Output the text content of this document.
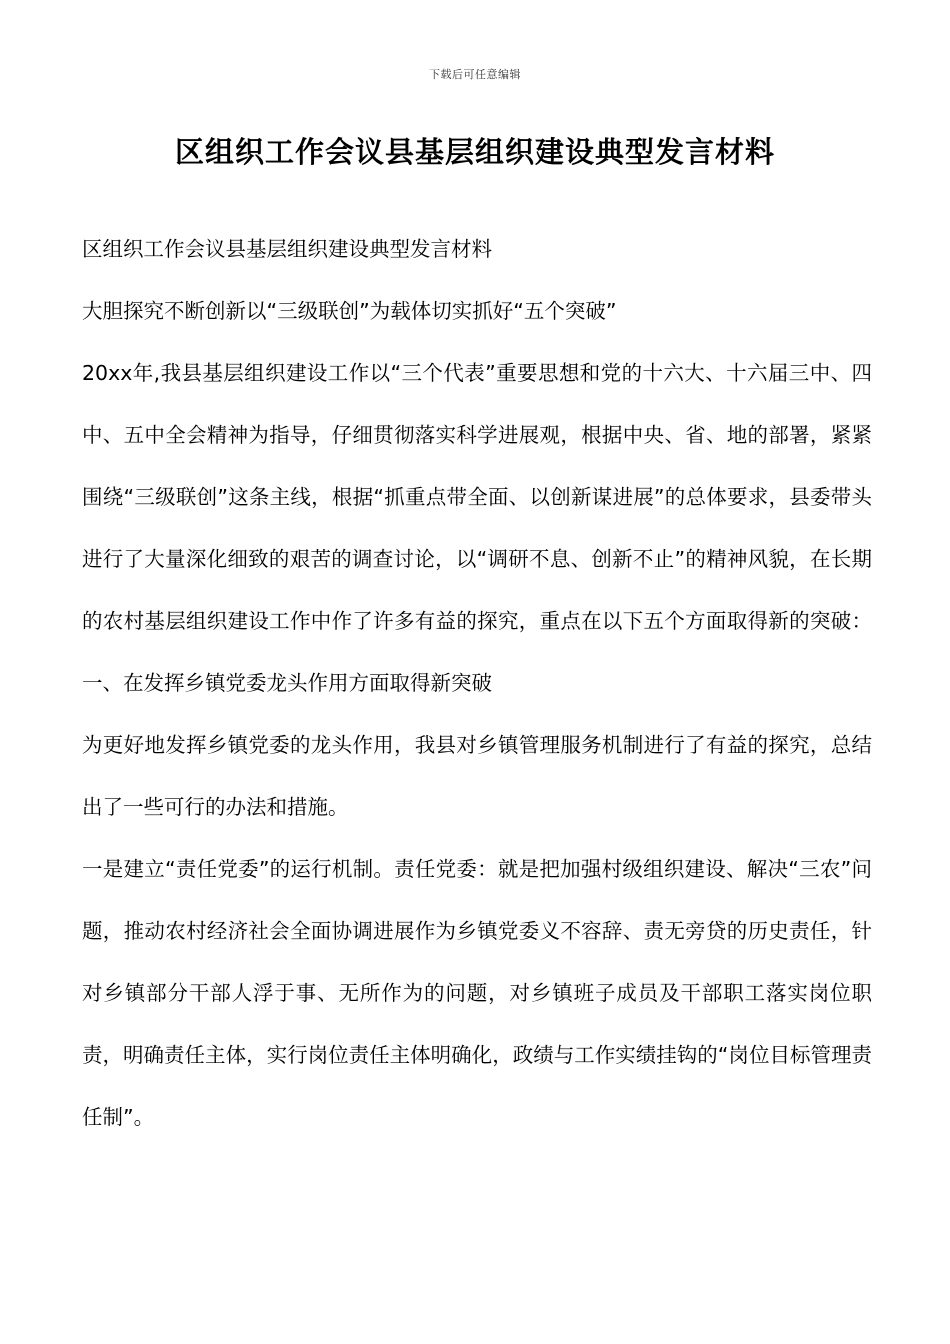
下载后可任意编辑
区组织工作会议县基层组织建设典型发言材料

区组织工作会议县基层组织建设典型发言材料

大胆探究不断创新以“三级联创”为载体切实抓好“五个突破”

20xx年,我县基层组织建设工作以“三个代表”重要思想和党的十六大、十六届三中、四中、五中全会精神为指导，仔细贯彻落实科学进展观，根据中央、省、地的部署，紧紧围绕“三级联创”这条主线，根据“抓重点带全面、以创新谋进展”的总体要求，县委带头进行了大量深化细致的艰苦的调查讨论，以“调研不息、创新不止”的精神风貌，在长期的农村基层组织建设工作中作了许多有益的探究，重点在以下五个方面取得新的突破：一、在发挥乡镇党委龙头作用方面取得新突破

为更好地发挥乡镇党委的龙头作用，我县对乡镇管理服务机制进行了有益的探究，总结出了一些可行的办法和措施。

一是建立“责任党委”的运行机制。责任党委：就是把加强村级组织建设、解决“三农”问题，推动农村经济社会全面协调进展作为乡镇党委义不容辞、责无旁贷的历史责任，针对乡镇部分干部人浮于事、无所作为的问题，对乡镇班子成员及干部职工落实岗位职责，明确责任主体，实行岗位责任主体明确化，政绩与工作实绩挂钩的“岗位目标管理责任制”。
